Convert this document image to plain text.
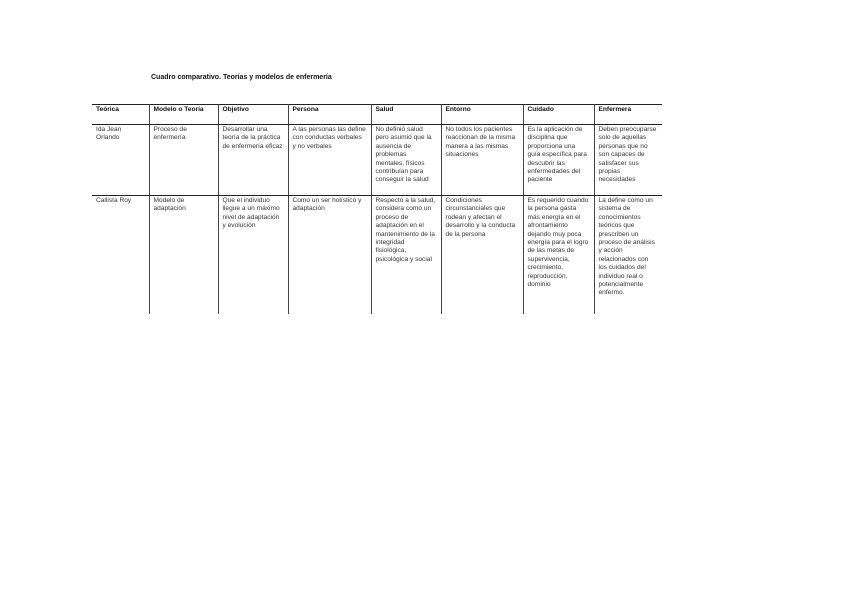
Cuadro comparativo. Teorías y modelos de enfermería
Teórica	Modelo o Teoría	Objetivo	Persona	Salud	Entorno	Cuidado	Enfermera
Ida Jean Orlando	Proceso de enfermería	Desarrollar una teoría de la práctica de enfermería eficaz	A las personas las define con conductas verbales y no verbales	No definió salud pero asumió que la ausencia de problemas mentales, físicos contribuían para conseguir la salud	No todos los pacientes reaccionan de la misma manera a las mismas situaciones	Es la aplicación de disciplina que proporciona una guía específica para descubrir las enfermedades del paciente	Deben preocuparse solo de aquellas personas que no son capaces de satisfacer sus propias necesidades
Callista Roy	Modelo de adaptación	Que el individuo llegue a un máximo nivel de adaptación y evolución	Como un ser holístico y adaptación	Respecto a la salud, considera como un proceso de adaptación en el mantenimiento de la integridad fisiológica, psicológica y social	Condiciones circunstanciales que rodean y afectan el desarrollo y la conducta de la persona	Es requerido cuando la persona gasta más energía en el afrontamiento dejando muy poca energía para el logro de las metas de supervivencia, crecimiento, reproducción, dominio	La define como un sistema de conocimientos teóricos que prescriben un proceso de análisis y acción relacionados con los cuidados del individuo real o potencialmente enfermo.
